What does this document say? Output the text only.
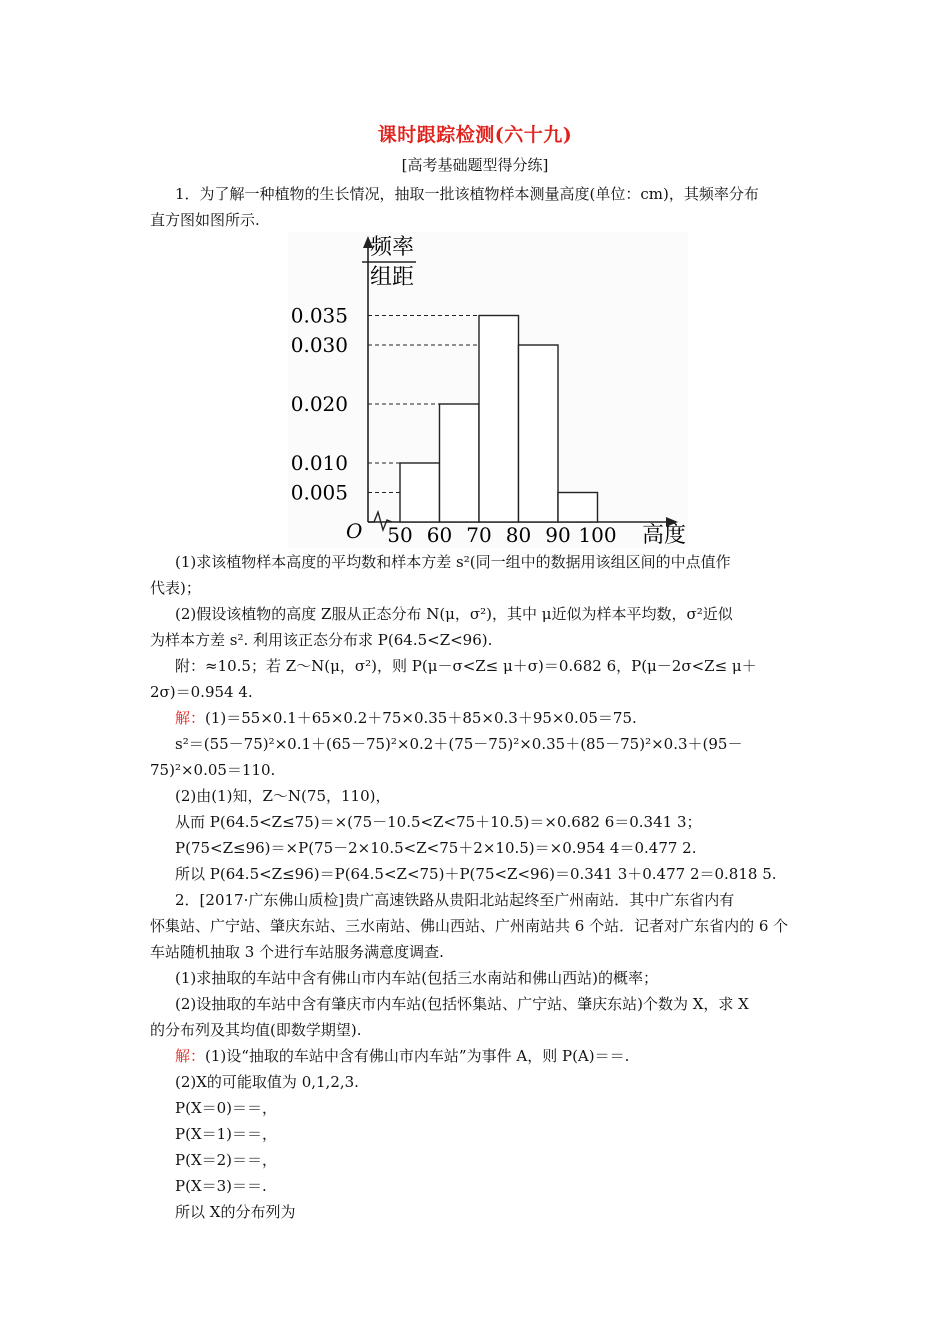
课时跟踪检测(六十九)
[高考基础题型得分练]
1．为了解一种植物的生长情况，抽取一批该植物样本测量高度(单位：cm)，其频率分布
直方图如图所示.
频率
组距
O	高度
0.035
0.030
0.020
0.010
0.005
50 60 70 80 90 100
(1)求该植物样本高度的平均数和样本方差 s²(同一组中的数据用该组区间的中点值作
代表)；
(2)假设该植物的高度 Z服从正态分布 N(μ，σ²)，其中 μ近似为样本平均数，σ²近似
为样本方差 s². 利用该正态分布求 P(64.5<Z<96).
附：≈10.5；若 Z～N(μ，σ²)，则 P(μ－σ<Z≤ μ＋σ)＝0.682 6，P(μ－2σ<Z≤ μ＋
2σ)＝0.954 4.
解：(1)＝55×0.1＋65×0.2＋75×0.35＋85×0.3＋95×0.05＝75.
s²＝(55－75)²×0.1＋(65－75)²×0.2＋(75－75)²×0.35＋(85－75)²×0.3＋(95－
75)²×0.05＝110.
(2)由(1)知，Z～N(75，110)，
从而 P(64.5<Z≤75)＝×(75－10.5<Z<75＋10.5)＝×0.682 6＝0.341 3；
P(75<Z≤96)＝×P(75－2×10.5<Z<75＋2×10.5)＝×0.954 4＝0.477 2.
所以 P(64.5<Z≤96)＝P(64.5<Z<75)＋P(75<Z<96)＝0.341 3＋0.477 2＝0.818 5.
2．[2017·广东佛山质检]贵广高速铁路从贵阳北站起终至广州南站．其中广东省内有
怀集站、广宁站、肇庆东站、三水南站、佛山西站、广州南站共 6 个站．记者对广东省内的 6 个
车站随机抽取 3 个进行车站服务满意度调查.
(1)求抽取的车站中含有佛山市内车站(包括三水南站和佛山西站)的概率；
(2)设抽取的车站中含有肇庆市内车站(包括怀集站、广宁站、肇庆东站)个数为 X，求 X
的分布列及其均值(即数学期望).
解：(1)设“抽取的车站中含有佛山市内车站”为事件 A，则 P(A)＝＝.
(2)X的可能取值为 0,1,2,3.
P(X＝0)＝＝，
P(X＝1)＝＝，
P(X＝2)＝＝，
P(X＝3)＝＝.
所以 X的分布列为
